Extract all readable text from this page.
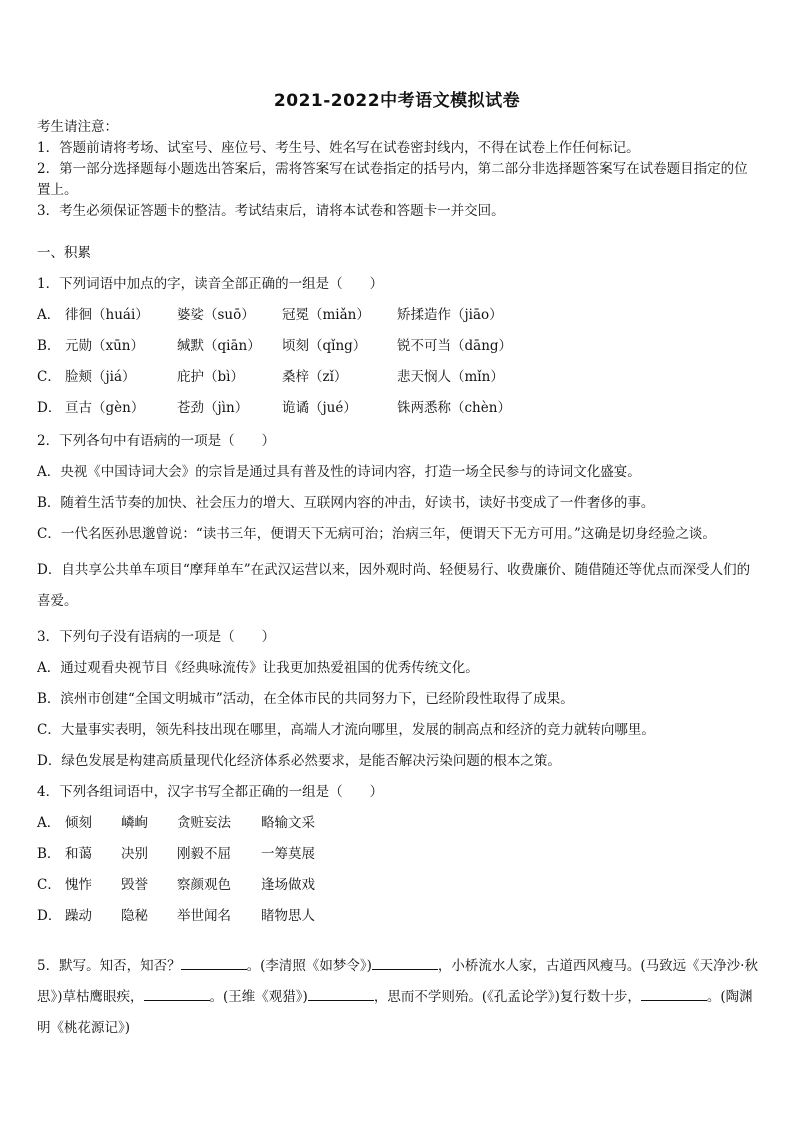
2021-2022中考语文模拟试卷
考生请注意：
1．答题前请将考场、试室号、座位号、考生号、姓名写在试卷密封线内，不得在试卷上作任何标记。
2．第一部分选择题每小题选出答案后，需将答案写在试卷指定的括号内，第二部分非选择题答案写在试卷题目指定的位置上。
3．考生必须保证答题卡的整洁。考试结束后，请将本试卷和答题卡一并交回。
一、积累
1．下列词语中加点的字，读音全部正确的一组是（　　）
A． 徘徊（huái）	婆娑（suō）	冠冕（miǎn）	矫揉造作（jiāo）
B． 元勋（xūn）	缄默（qiān）	顷刻（qǐng）	锐不可当（dāng）
C． 脸颊（jiá）	庇护（bì）	桑梓（zǐ）	悲天悯人（mǐn）
D． 亘古（gèn）	苍劲（jìn）	诡谲（jué）	铢两悉称（chèn）
2．下列各句中有语病的一项是（　　）
A．央视《中国诗词大会》的宗旨是通过具有普及性的诗词内容，打造一场全民参与的诗词文化盛宴。
B．随着生活节奏的加快、社会压力的增大、互联网内容的冲击，好读书，读好书变成了一件奢侈的事。
C．一代名医孙思邈曾说：“读书三年，便谓天下无病可治；治病三年，便谓天下无方可用。”这确是切身经验之谈。
D．自共享公共单车项目“摩拜单车”在武汉运营以来，因外观时尚、轻便易行、收费廉价、随借随还等优点而深受人们的喜爱。
3．下列句子没有语病的一项是（　　）
A．通过观看央视节目《经典咏流传》让我更加热爱祖国的优秀传统文化。
B．滨州市创建“全国文明城市”活动，在全体市民的共同努力下，已经阶段性取得了成果。
C．大量事实表明，领先科技出现在哪里，高端人才流向哪里，发展的制高点和经济的竞力就转向哪里。
D．绿色发展是构建高质量现代化经济体系必然要求，是能否解决污染问题的根本之策。
4．下列各组词语中，汉字书写全都正确的一组是（　　）
A． 倾刻	嶙峋	贪赃妄法	略输文采
B． 和蔼	决别	刚毅不屈	一筹莫展
C． 愧怍	毁誉	察颜观色	逢场做戏
D． 躁动	隐秘	举世闻名	睹物思人
5．默写。知否，知否？	。(李清照《如梦令》)	，小桥流水人家，古道西风瘦马。(马致远《天净沙·秋思》)草枯鹰眼疾，	。(王维《观猎》)	，思而不学则殆。(《孔孟论学》)复行数十步，	。(陶渊明《桃花源记》)
